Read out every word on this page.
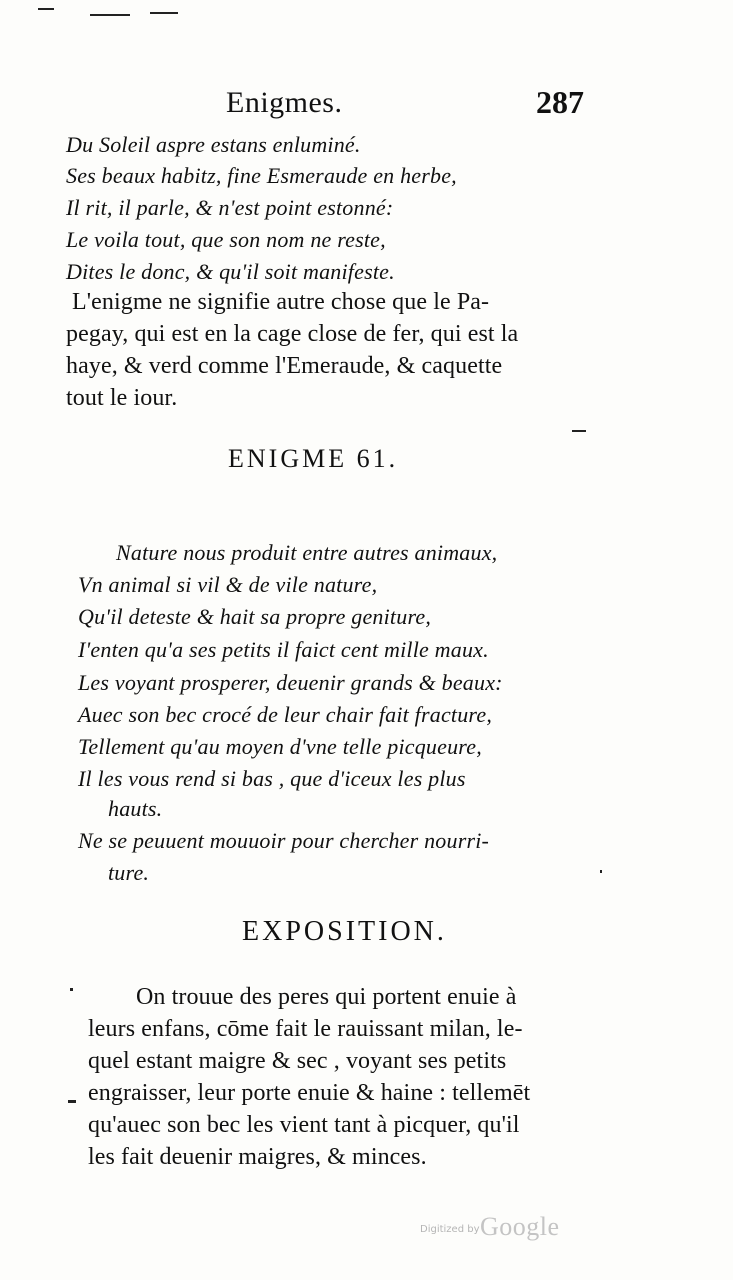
Enigmes.	287
Du Soleil aspre estans enluminé.
Ses beaux habitz, fine Esmeraude en herbe,
Il rit, il parle, & n'est point estonné:
Le voila tout, que son nom ne reste,
Dites le donc, & qu'il soit manifeste.
L'enigme ne signifie autre chose que le Pa-
pegay, qui est en la cage close de fer, qui est la
haye, & verd comme l'Emeraude, & caquette
tout le iour.
ENIGME 61.
Nature nous produit entre autres animaux,
Vn animal si vil & de vile nature,
Qu'il deteste & hait sa propre geniture,
I'enten qu'a ses petits il faict cent mille maux.
Les voyant prosperer, deuenir grands & beaux:
Auec son bec crocé de leur chair fait fracture,
Tellement qu'au moyen d'vne telle picqueure,
Il les vous rend si bas , que d'iceux les plus
hauts.
Ne se peuuent mouuoir pour chercher nourri-
ture.
EXPOSITION.
On trouue des peres qui portent enuie à
leurs enfans, cōme fait le rauissant milan, le-
quel estant maigre & sec , voyant ses petits
engraisser, leur porte enuie & haine : tellemēt
qu'auec son bec les vient tant à picquer, qu'il
les fait deuenir maigres, & minces.
Digitized by Google
